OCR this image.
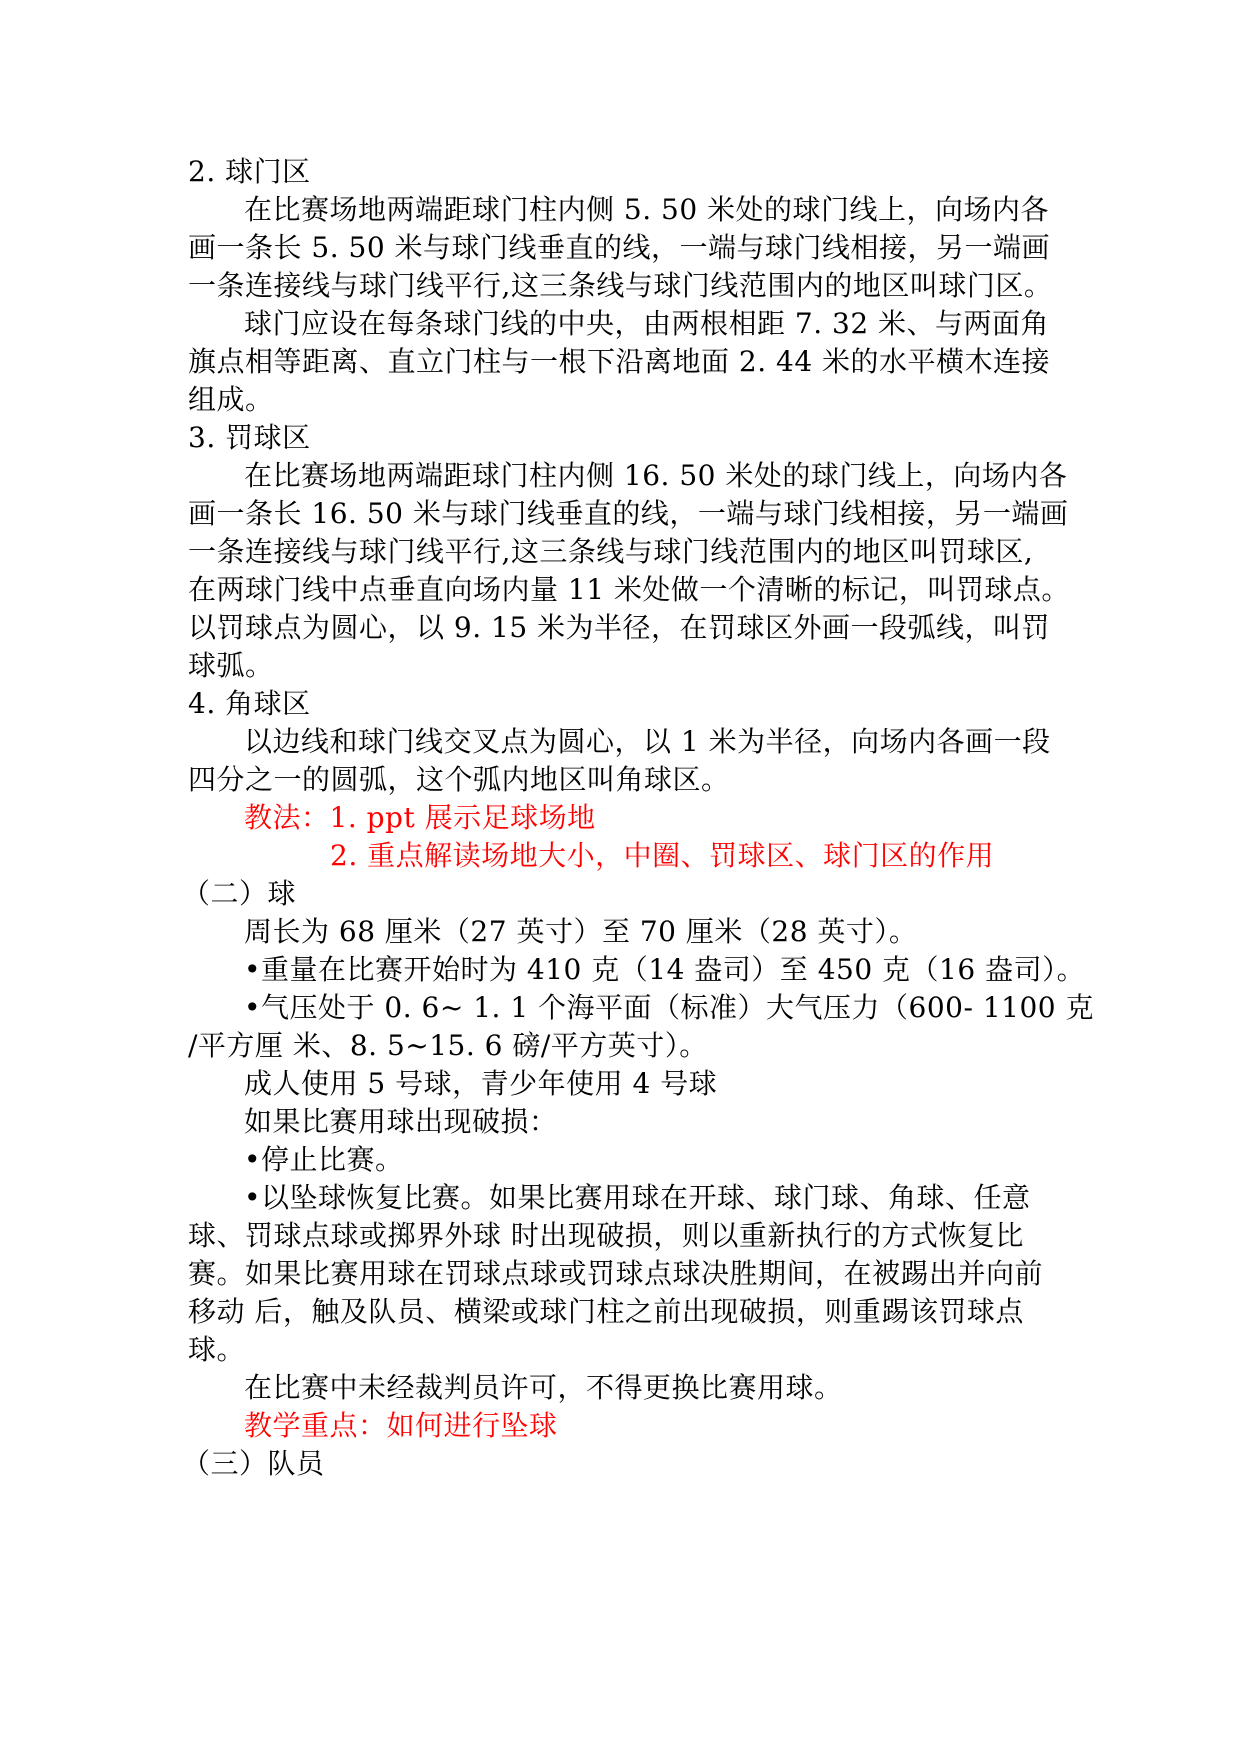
2. 球门区
在比赛场地两端距球门柱内侧 5. 50 米处的球门线上，向场内各
画一条长 5. 50 米与球门线垂直的线，一端与球门线相接，另一端画
一条连接线与球门线平行,这三条线与球门线范围内的地区叫球门区。
球门应设在每条球门线的中央，由两根相距 7. 32 米、与两面角
旗点相等距离、直立门柱与一根下沿离地面 2. 44 米的水平横木连接
组成。
3. 罚球区
在比赛场地两端距球门柱内侧 16. 50 米处的球门线上，向场内各
画一条长 16. 50 米与球门线垂直的线，一端与球门线相接，另一端画
一条连接线与球门线平行,这三条线与球门线范围内的地区叫罚球区,
在两球门线中点垂直向场内量 11 米处做一个清晰的标记，叫罚球点。
以罚球点为圆心，以 9. 15 米为半径，在罚球区外画一段弧线，叫罚
球弧。
4. 角球区
以边线和球门线交叉点为圆心，以 1 米为半径，向场内各画一段
四分之一的圆弧，这个弧内地区叫角球区。
教法：1. ppt 展示足球场地
2. 重点解读场地大小，中圈、罚球区、球门区的作用
（二）球
周长为 68 厘米（27 英寸）至 70 厘米（28 英寸）。
•重量在比赛开始时为 410 克（14 盎司）至 450 克（16 盎司）。
•气压处于 0. 6~ 1. 1 个海平面（标准）大气压力（600- 1100 克
/平方厘 米、8. 5~15. 6 磅/平方英寸）。
成人使用 5 号球，青少年使用 4 号球
如果比赛用球出现破损：
•停止比赛。
•以坠球恢复比赛。如果比赛用球在开球、球门球、角球、任意
球、罚球点球或掷界外球 时出现破损，则以重新执行的方式恢复比
赛。如果比赛用球在罚球点球或罚球点球决胜期间，在被踢出并向前
移动 后，触及队员、横梁或球门柱之前出现破损，则重踢该罚球点
球。
在比赛中未经裁判员许可，不得更换比赛用球。
教学重点：如何进行坠球
（三）队员
